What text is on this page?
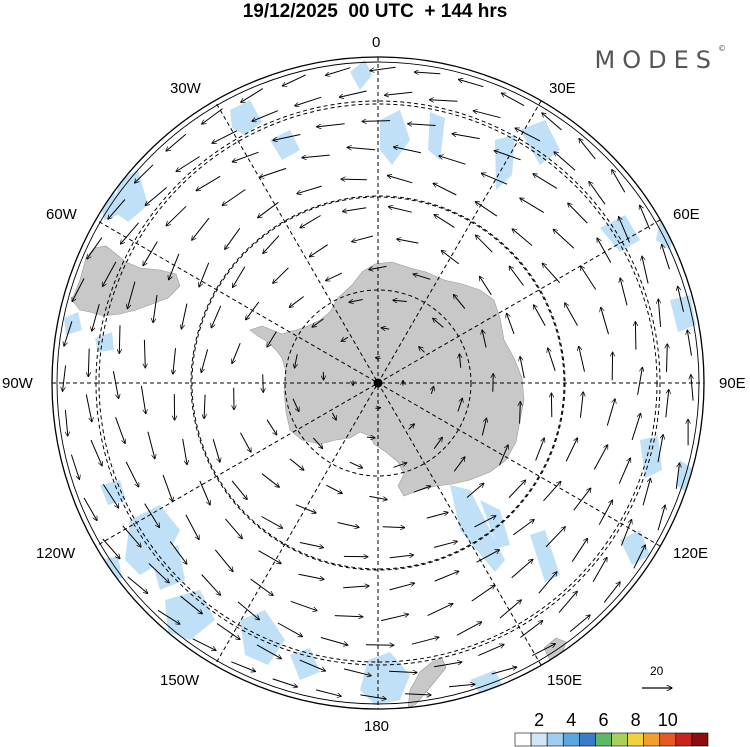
19/12/2025  00 UTC  + 144 hrs
MODES©
0
30E
60E
90E
120E
150E
180
150W
120W
90W
60W
30W
20
2 4 6 8 10
